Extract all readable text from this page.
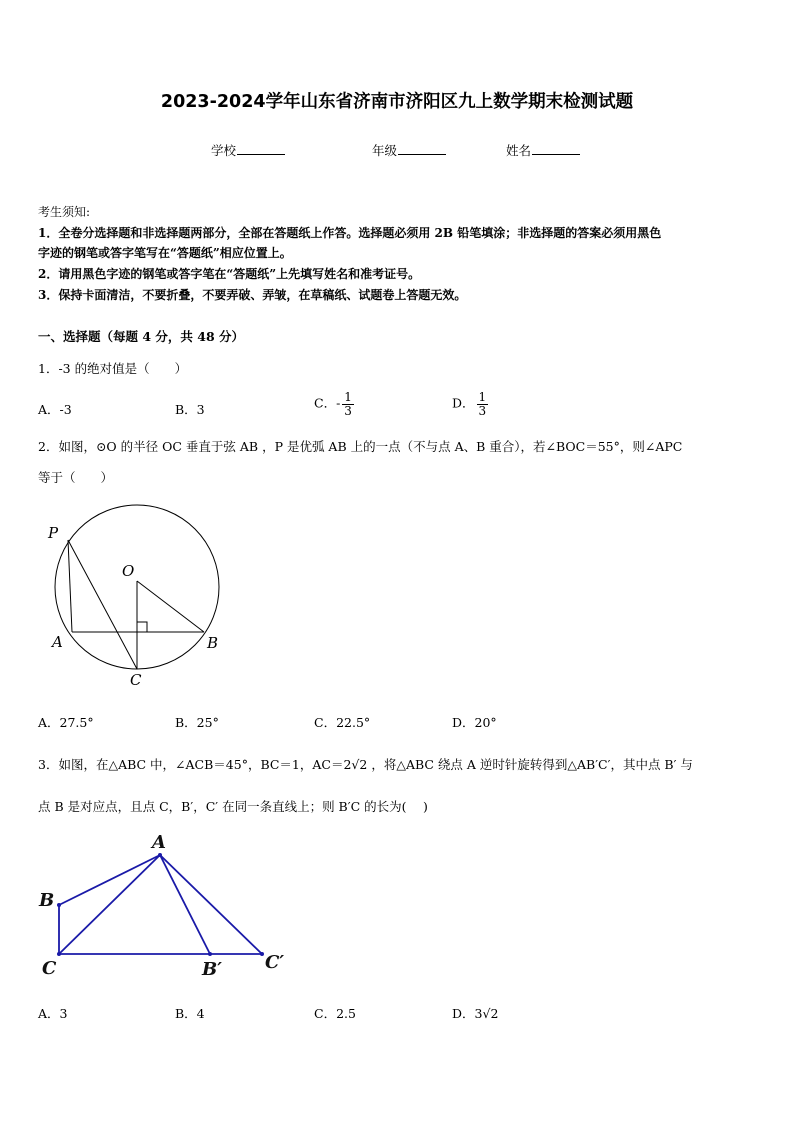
2023-2024学年山东省济南市济阳区九上数学期末检测试题
学校	年级	姓名
考生须知:
1．全卷分选择题和非选择题两部分，全部在答题纸上作答。选择题必须用 2B 铅笔填涂；非选择题的答案必须用黑色
字迹的钢笔或答字笔写在“答题纸”相应位置上。
2．请用黑色字迹的钢笔或答字笔在“答题纸”上先填写姓名和准考证号。
3．保持卡面清洁，不要折叠，不要弄破、弄皱，在草稿纸、试题卷上答题无效。
一、选择题（每题 4 分，共 48 分）
1．-3 的绝对值是（　　）
A．-3	B．3	C．- $\frac{1}{3}$	D． $\frac{1}{3}$
2．如图，⊙O 的半径 OC 垂直于弦 AB ，P 是优弧 AB 上的一点（不与点 A、B 重合），若∠BOC＝55°，则∠APC
等于（　　）
P
O
A	B
C
A．27.5°	B．25°	C．22.5°	D．20°
3．如图，在△ABC 中，∠ACB＝45°，BC＝1，AC＝2√2 ，将△ABC 绕点 A 逆时针旋转得到△AB′C′，其中点 B′ 与
点 B 是对应点，且点 C，B′，C′ 在同一条直线上；则 B′C 的长为(　 )
A
B
C	B′ C′
A．3	B．4	C．2.5	D．3√2
